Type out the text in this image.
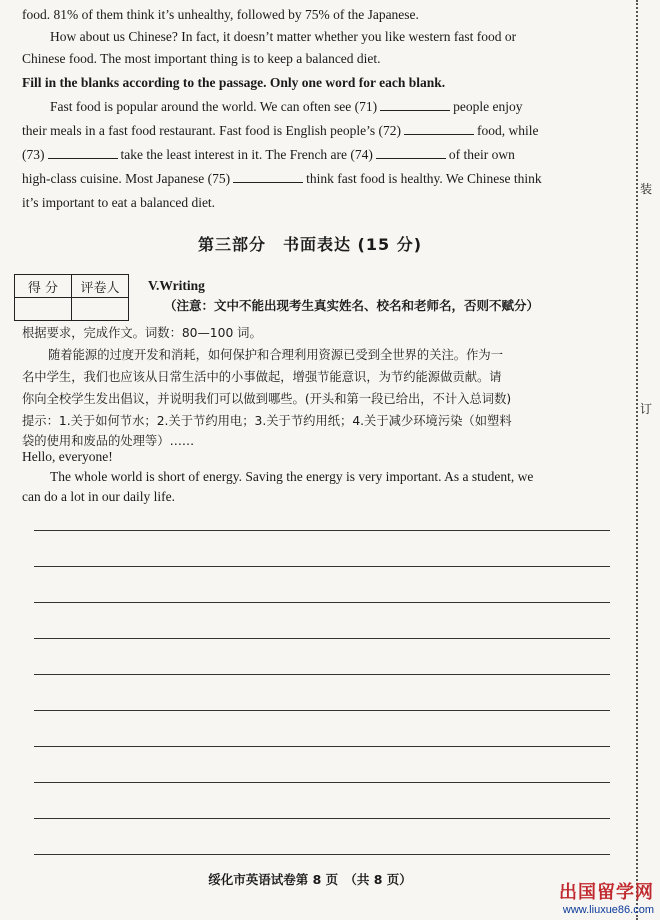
food. 81% of them think it’s unhealthy, followed by 75% of the Japanese.
How about us Chinese? In fact, it doesn’t matter whether you like western fast food or
Chinese food. The most important thing is to keep a balanced diet.
Fill in the blanks according to the passage. Only one word for each blank.
Fast food is popular around the world. We can often see (71)	people enjoy
their meals in a fast food restaurant. Fast food is English people’s (72)	food, while
(73)	take the least interest in it. The French are (74)	of their own
high-class cuisine. Most Japanese (75)	think fast food is healthy. We Chinese think
it’s important to eat a balanced diet.
第三部分　书面表达 (15 分)
得 分	评卷人
	V.Writing
（注意：文中不能出现考生真实姓名、校名和老师名，否则不赋分）
根据要求，完成作文。词数：80—100 词。
随着能源的过度开发和消耗，如何保护和合理利用资源已受到全世界的关注。作为一
名中学生，我们也应该从日常生活中的小事做起，增强节能意识，为节约能源做贡献。请
你向全校学生发出倡议，并说明我们可以做到哪些。(开头和第一段已给出，不计入总词数)
提示：1.关于如何节水；2.关于节约用电；3.关于节约用纸；4.关于减少环境污染（如塑料
袋的使用和废品的处理等）……
Hello, everyone!
The whole world is short of energy. Saving the energy is very important. As a student, we
can do a lot in our daily life.
绥化市英语试卷第 8 页　（共 8 页）
装
订
出国留学网
www.liuxue86.com
